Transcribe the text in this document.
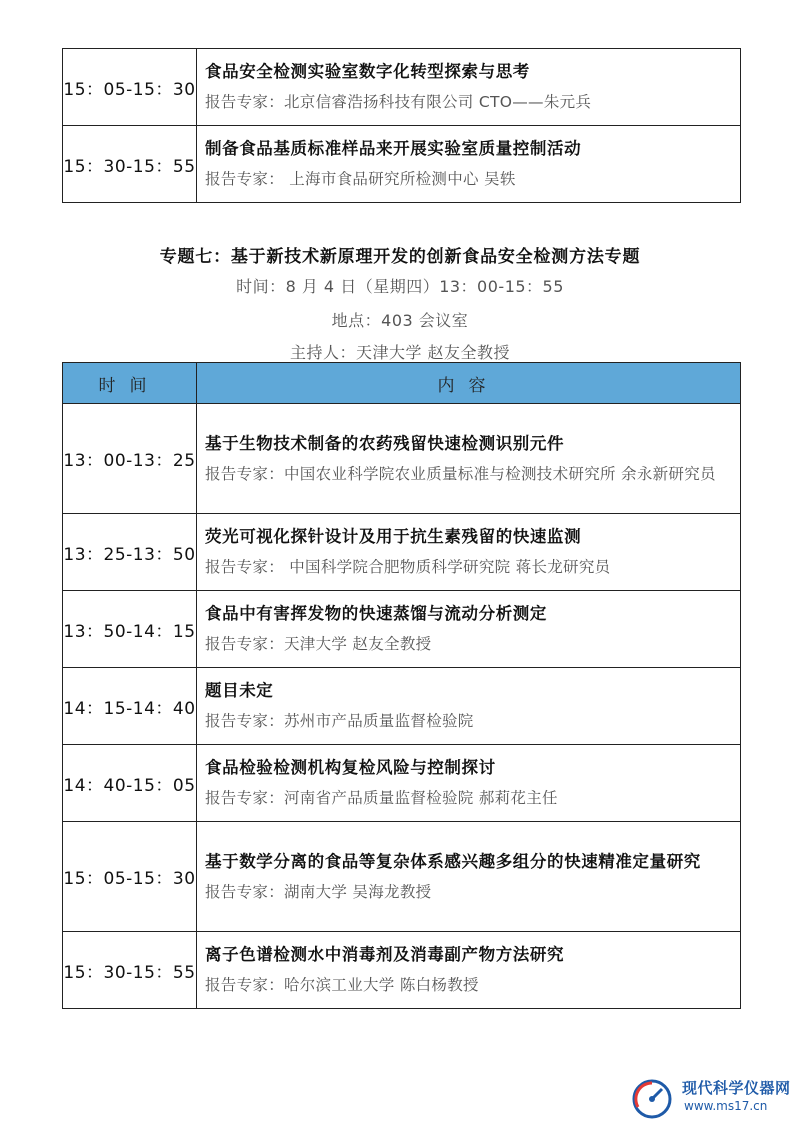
15：05-15：30	食品安全检测实验室数字化转型探索与思考
报告专家：北京信睿浩扬科技有限公司 CTO——朱元兵

15：30-15：55	制备食品基质标准样品来开展实验室质量控制活动
报告专家： 上海市食品研究所检测中心 吴轶
专题七：基于新技术新原理开发的创新食品安全检测方法专题
时间：8 月 4 日（星期四）13：00-15：55
地点：403 会议室
主持人：天津大学 赵友全教授
时间	内容
13：00-13：25	基于生物技术制备的农药残留快速检测识别元件
报告专家：中国农业科学院农业质量标准与检测技术研究所 余永新研究员

13：25-13：50	荧光可视化探针设计及用于抗生素残留的快速监测
报告专家： 中国科学院合肥物质科学研究院 蒋长龙研究员

13：50-14：15	食品中有害挥发物的快速蒸馏与流动分析测定
报告专家：天津大学 赵友全教授

14：15-14：40	题目未定
报告专家：苏州市产品质量监督检验院

14：40-15：05	食品检验检测机构复检风险与控制探讨
报告专家：河南省产品质量监督检验院 郝莉花主任

15：05-15：30	基于数学分离的食品等复杂体系感兴趣多组分的快速精准定量研究
报告专家：湖南大学 吴海龙教授

15：30-15：55	离子色谱检测水中消毒剂及消毒副产物方法研究
报告专家：哈尔滨工业大学 陈白杨教授
现代科学仪器网
www.ms17.cn
